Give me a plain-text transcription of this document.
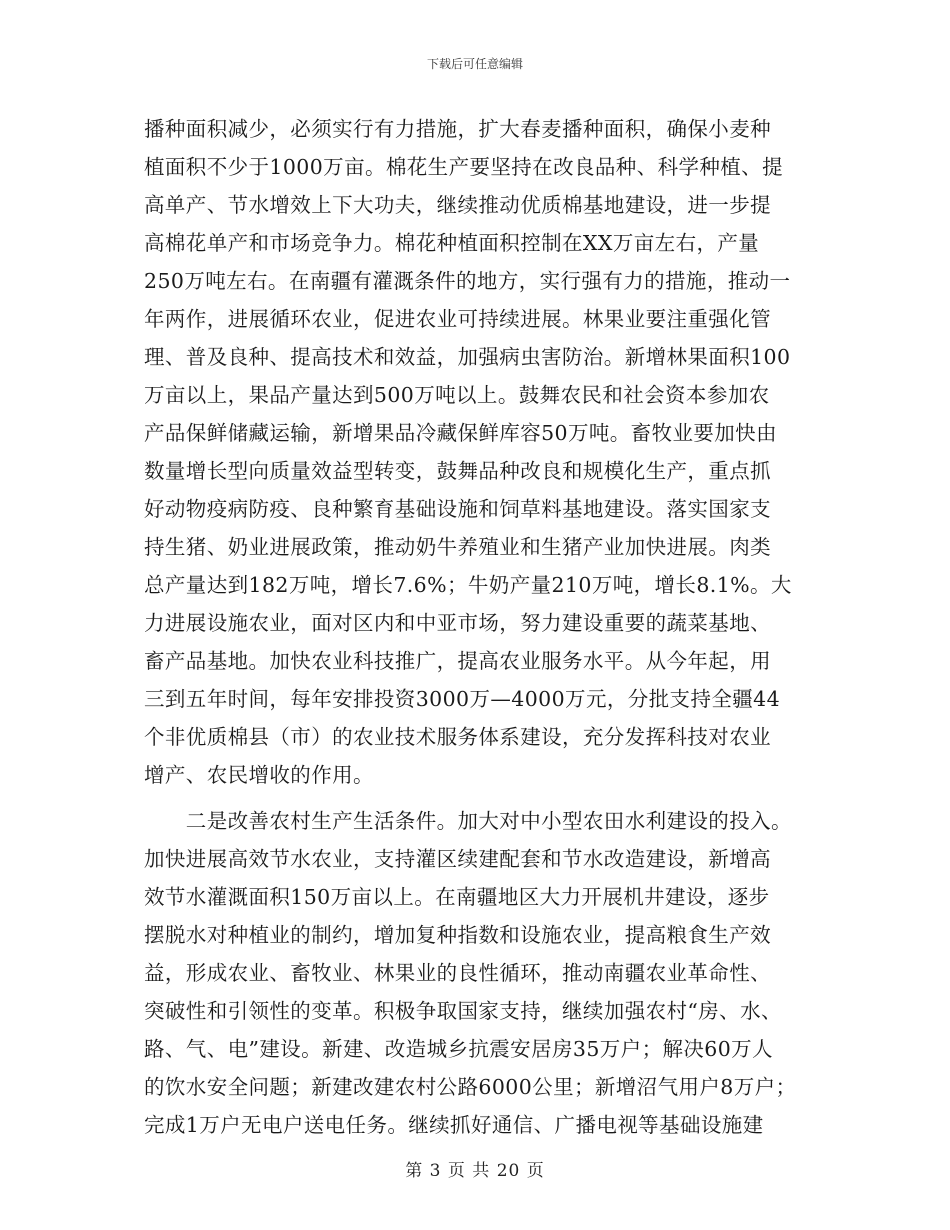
下载后可任意编辑
播种面积减少，必须实行有力措施，扩大春麦播种面积，确保小麦种
植面积不少于1000万亩。棉花生产要坚持在改良品种、科学种植、提
高单产、节水增效上下大功夫，继续推动优质棉基地建设，进一步提
高棉花单产和市场竞争力。棉花种植面积控制在XX万亩左右，产量
250万吨左右。在南疆有灌溉条件的地方，实行强有力的措施，推动一
年两作，进展循环农业，促进农业可持续进展。林果业要注重强化管
理、普及良种、提高技术和效益，加强病虫害防治。新增林果面积100
万亩以上，果品产量达到500万吨以上。鼓舞农民和社会资本参加农
产品保鲜储藏运输，新增果品冷藏保鲜库容50万吨。畜牧业要加快由
数量增长型向质量效益型转变，鼓舞品种改良和规模化生产，重点抓
好动物疫病防疫、良种繁育基础设施和饲草料基地建设。落实国家支
持生猪、奶业进展政策，推动奶牛养殖业和生猪产业加快进展。肉类
总产量达到182万吨，增长7.6%；牛奶产量210万吨，增长8.1%。大
力进展设施农业，面对区内和中亚市场，努力建设重要的蔬菜基地、
畜产品基地。加快农业科技推广，提高农业服务水平。从今年起，用
三到五年时间，每年安排投资3000万—4000万元，分批支持全疆44
个非优质棉县（市）的农业技术服务体系建设，充分发挥科技对农业
增产、农民增收的作用。
　　二是改善农村生产生活条件。加大对中小型农田水利建设的投入。
加快进展高效节水农业，支持灌区续建配套和节水改造建设，新增高
效节水灌溉面积150万亩以上。在南疆地区大力开展机井建设，逐步
摆脱水对种植业的制约，增加复种指数和设施农业，提高粮食生产效
益，形成农业、畜牧业、林果业的良性循环，推动南疆农业革命性、
突破性和引领性的变革。积极争取国家支持，继续加强农村“房、水、
路、气、电”建设。新建、改造城乡抗震安居房35万户；解决60万人
的饮水安全问题；新建改建农村公路6000公里；新增沼气用户8万户；
完成1万户无电户送电任务。继续抓好通信、广播电视等基础设施建
第 3 页 共 20 页
